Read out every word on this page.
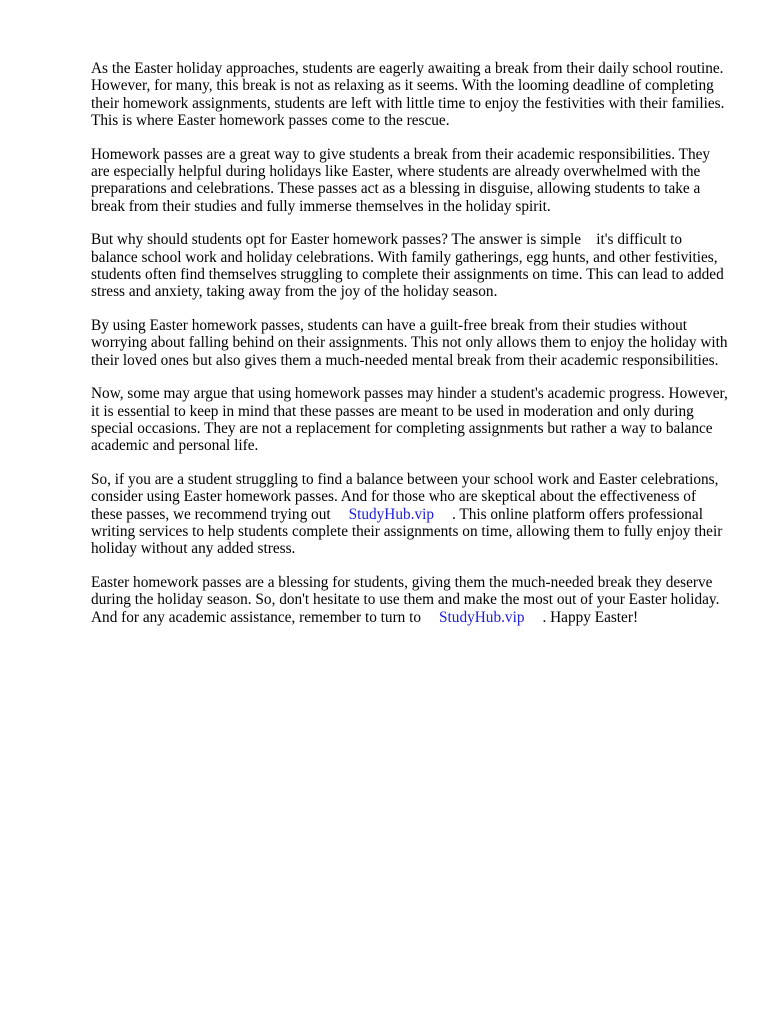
As the Easter holiday approaches, students are eagerly awaiting a break from their daily school routine. However, for many, this break is not as relaxing as it seems. With the looming deadline of completing their homework assignments, students are left with little time to enjoy the festivities with their families. This is where Easter homework passes come to the rescue.

Homework passes are a great way to give students a break from their academic responsibilities. They are especially helpful during holidays like Easter, where students are already overwhelmed with the preparations and celebrations. These passes act as a blessing in disguise, allowing students to take a break from their studies and fully immerse themselves in the holiday spirit.

But why should students opt for Easter homework passes? The answer is simple    it's difficult to balance school work and holiday celebrations. With family gatherings, egg hunts, and other festivities, students often find themselves struggling to complete their assignments on time. This can lead to added stress and anxiety, taking away from the joy of the holiday season.

By using Easter homework passes, students can have a guilt-free break from their studies without worrying about falling behind on their assignments. This not only allows them to enjoy the holiday with their loved ones but also gives them a much-needed mental break from their academic responsibilities.

Now, some may argue that using homework passes may hinder a student's academic progress. However, it is essential to keep in mind that these passes are meant to be used in moderation and only during special occasions. They are not a replacement for completing assignments but rather a way to balance academic and personal life.

So, if you are a student struggling to find a balance between your school work and Easter celebrations, consider using Easter homework passes. And for those who are skeptical about the effectiveness of these passes, we recommend trying out StudyHub.vip . This online platform offers professional writing services to help students complete their assignments on time, allowing them to fully enjoy their holiday without any added stress.

Easter homework passes are a blessing for students, giving them the much-needed break they deserve during the holiday season. So, don't hesitate to use them and make the most out of your Easter holiday. And for any academic assistance, remember to turn to StudyHub.vip . Happy Easter!
